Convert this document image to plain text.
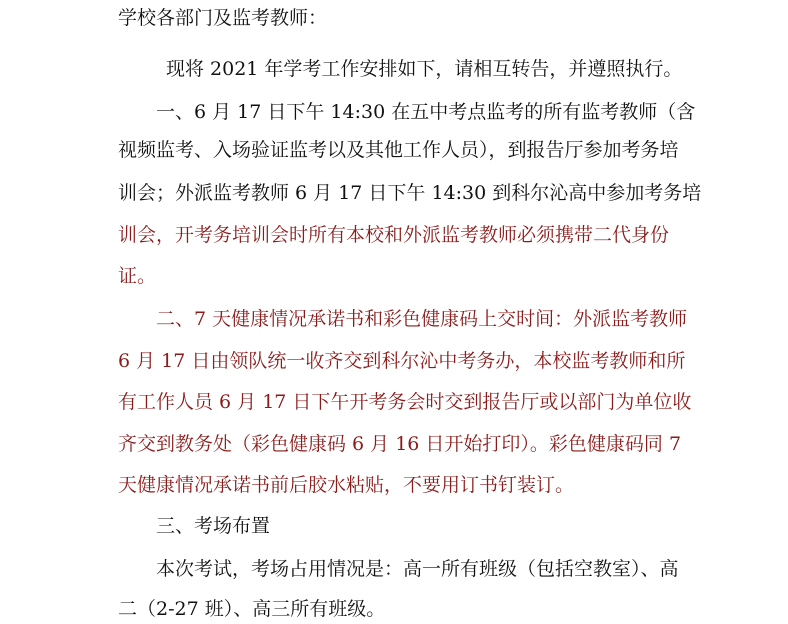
学校各部门及监考教师：
现将 2021 年学考工作安排如下，请相互转告，并遵照执行。
一、6 月 17 日下午 14:30 在五中考点监考的所有监考教师（含
视频监考、入场验证监考以及其他工作人员），到报告厅参加考务培
训会；外派监考教师 6 月 17 日下午 14:30 到科尔沁高中参加考务培
训会，开考务培训会时所有本校和外派监考教师必须携带二代身份
证。
二、7 天健康情况承诺书和彩色健康码上交时间：外派监考教师
6 月 17 日由领队统一收齐交到科尔沁中考务办，本校监考教师和所
有工作人员 6 月 17 日下午开考务会时交到报告厅或以部门为单位收
齐交到教务处（彩色健康码 6 月 16 日开始打印）。彩色健康码同 7
天健康情况承诺书前后胶水粘贴，不要用订书钉装订。
三、考场布置
本次考试，考场占用情况是：高一所有班级（包括空教室）、高
二（2-27 班）、高三所有班级。
